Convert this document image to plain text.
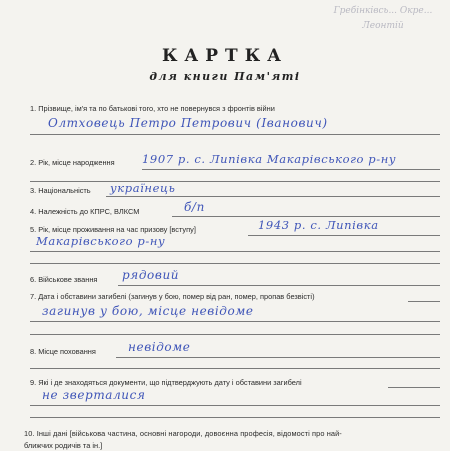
Гребінківсь... Окре...
Леонтій
КАРТКА
для книги Пам'яті
1. Прізвище, ім'я та по батькові того, хто не повернувся з фронтів війни
Олтховець Петро Петрович (Іванович)
2. Рік, місце народження 1907 р. с. Липівка Макарівського р-ну
3. Національність українець
4. Належність до КПРС, ВЛКСМ	б/п
5. Рік, місце проживання на час призову [вступу]	1943 р. с. Липівка
Макарівського р-ну
6. Військове звання рядовий
7. Дата і обставини загибелі (загинув у бою, помер від ран, помер, пропав безвісті)
загинув у бою, місце невідоме
8. Місце поховання	невідоме
9. Які і де знаходяться документи, що підтверджують дату і обставини загибелі
не зверталися
10. Інші дані [військова частина, основні нагороди, довоєнна професія, відомості про най-
ближчих родичів та ін.]
